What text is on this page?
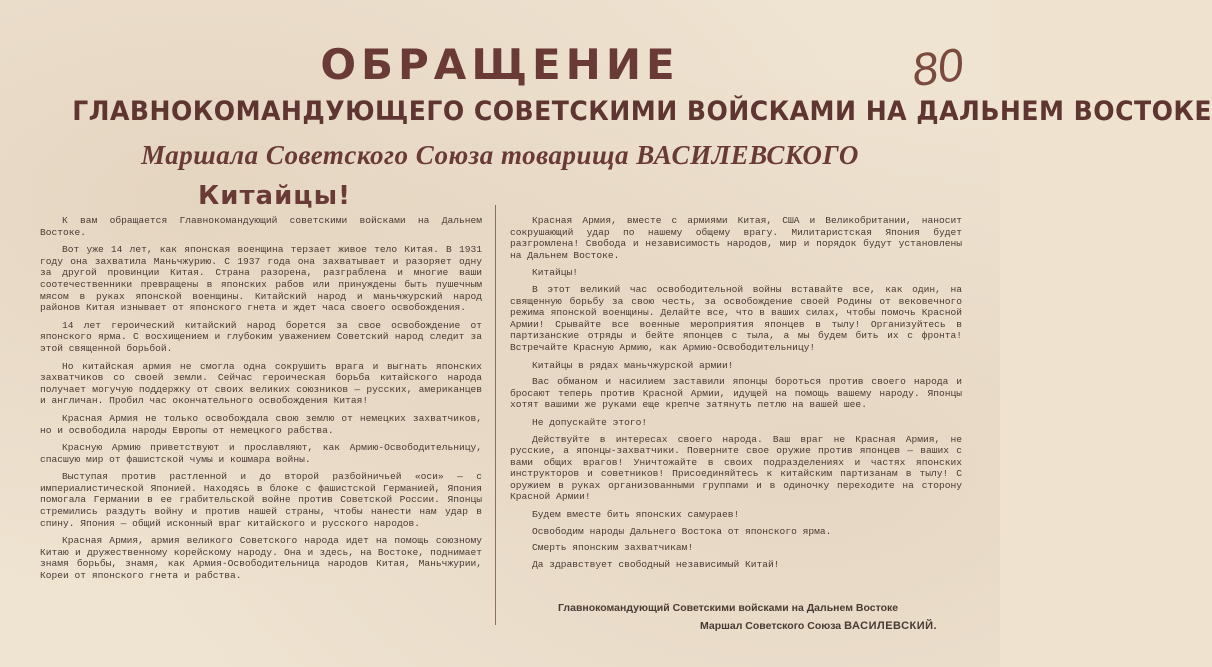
80
ОБРАЩЕНИЕ
ГЛАВНОКОМАНДУЮЩЕГО СОВЕТСКИМИ ВОЙСКАМИ НА ДАЛЬНЕМ ВОСТОКЕ
Маршала Советского Союза товарища ВАСИЛЕВСКОГО
Китайцы!

К вам обращается Главнокомандующий советскими войсками на Дальнем Востоке.

Вот уже 14 лет, как японская военщина терзает живое тело Китая. В 1931 году она захватила Маньчжурию. С 1937 года она захватывает и разоряет одну за другой провинции Китая. Страна разорена, разграблена и многие ваши соотечественники превращены в японских рабов или принуждены быть пушечным мясом в руках японской военщины. Китайский народ и маньчжурский народ районов Китая изнывает от японского гнета и ждет часа своего освобождения.

14 лет героический китайский народ борется за свое освобождение от японского ярма. С восхищением и глубоким уважением Советский народ следит за этой священной борьбой.

Но китайская армия не смогла одна сокрушить врага и выгнать японских захватчиков со своей земли. Сейчас героическая борьба китайского народа получает могучую поддержку от своих великих союзников — русских, американцев и англичан. Пробил час окончательного освобождения Китая!

Красная Армия не только освобождала свою землю от немецких захватчиков, но и освободила народы Европы от немецкого рабства.

Красную Армию приветствуют и прославляют, как Армию-Освободительницу, спасшую мир от фашистской чумы и кошмара войны.

Выступая против растленной и до второй разбойничьей «оси» — с империалистической Японией. Находясь в блоке с фашистской Германией, Япония помогала Германии в ее грабительской войне против Советской России. Японцы стремились раздуть войну и против нашей страны, чтобы нанести нам удар в спину. Япония — общий исконный враг китайского и русского народов.

Красная Армия, армия великого Советского народа идет на помощь союзному Китаю и дружественному корейскому народу. Она и здесь, на Востоке, поднимает знамя борьбы, знамя, как Армия-Освободительница народов Китая, Маньчжурии, Кореи от японского гнета и рабства.

Красная Армия, вместе с армиями Китая, США и Великобритании, наносит сокрушающий удар по нашему общему врагу. Милитаристская Япония будет разгромлена! Свобода и независимость народов, мир и порядок будут установлены на Дальнем Востоке.

Китайцы!

В этот великий час освободительной войны вставайте все, как один, на священную борьбу за свою честь, за освобождение своей Родины от вековечного режима японской военщины. Делайте все, что в ваших силах, чтобы помочь Красной Армии! Срывайте все военные мероприятия японцев в тылу! Организуйтесь в партизанские отряды и бейте японцев с тыла, а мы будем бить их с фронта! Встречайте Красную Армию, как Армию-Освободительницу!

Китайцы в рядах маньчжурской армии!

Вас обманом и насилием заставили японцы бороться против своего народа и бросают теперь против Красной Армии, идущей на помощь вашему народу. Японцы хотят вашими же руками еще крепче затянуть петлю на вашей шее.

Не допускайте этого!

Действуйте в интересах своего народа. Ваш враг не Красная Армия, не русские, а японцы-захватчики. Поверните свое оружие против японцев — ваших с вами общих врагов! Уничтожайте в своих подразделениях и частях японских инструкторов и советников! Присоединяйтесь к китайским партизанам в тылу! С оружием в руках организованными группами и в одиночку переходите на сторону Красной Армии!

Будем вместе бить японских самураев!

Освободим народы Дальнего Востока от японского ярма.

Смерть японским захватчикам!

Да здравствует свободный независимый Китай!

Главнокомандующий Советскими войсками на Дальнем Востоке
Маршал Советского Союза ВАСИЛЕВСКИЙ.
